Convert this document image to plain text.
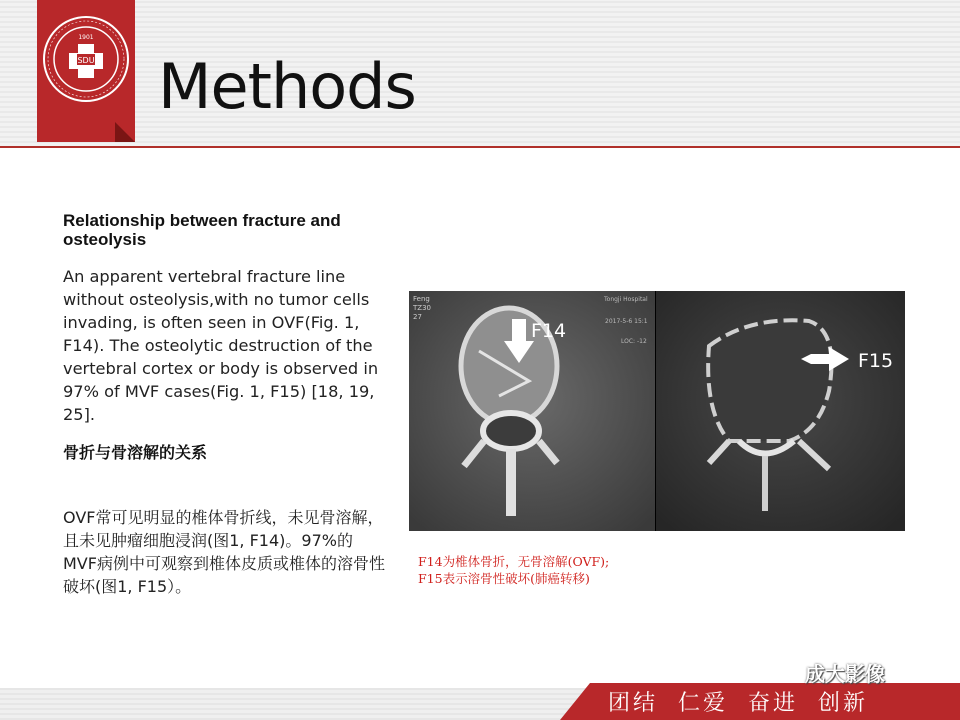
SDU
1901
Methods
Relationship between fracture and osteolysis
An apparent vertebral fracture line without osteolysis,with no tumor cells invading, is often seen in OVF(Fig. 1, F14). The osteolytic destruction of the vertebral cortex or body is observed in 97% of MVF cases(Fig. 1, F15) [18, 19, 25].
骨折与骨溶解的关系
OVF常可见明显的椎体骨折线，未见骨溶解，且未见肿瘤细胞浸润(图1, F14)。97%的MVF病例中可观察到椎体皮质或椎体的溶骨性破坏(图1, F15）。
Feng
TZ30
27
Tongji Hospital
2017-5-6 15:1
LOC: -12
F14
F15
F14为椎体骨折，无骨溶解(OVF);
F15表示溶骨性破坏(肺癌转移)
团结 仁爱 奋进 创新
成大影像
